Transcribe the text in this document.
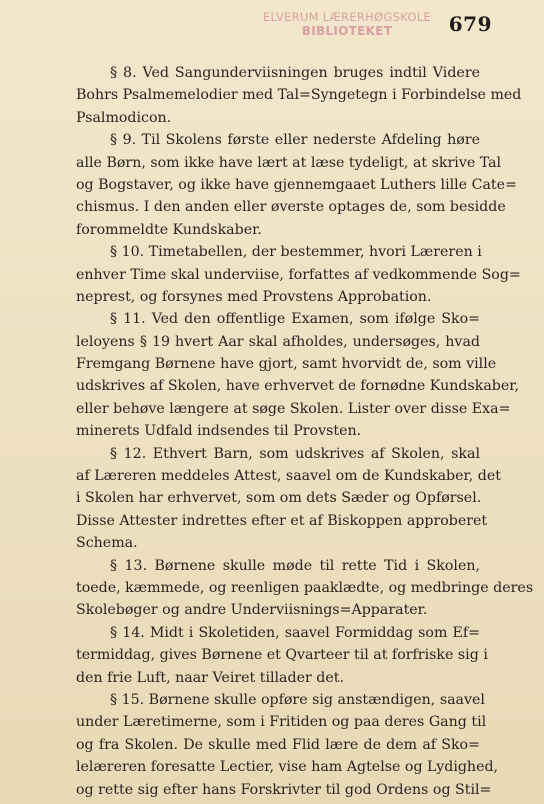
ELVERUM LÆRERHØGSKOLE
BIBLIOTEKET	679
§ 8. Ved Sangunderviisningen bruges indtil Videre
Bohrs Psalmemelodier med Tal=Syngetegn i Forbindelse med
Psalmodicon.
§ 9. Til Skolens første eller nederste Afdeling høre
alle Børn, som ikke have lært at læse tydeligt, at skrive Tal
og Bogstaver, og ikke have gjennemgaaet Luthers lille Cate=
chismus. I den anden eller øverste optages de, som besidde
forommeldte Kundskaber.
§ 10. Timetabellen, der bestemmer, hvori Læreren i
enhver Time skal underviise, forfattes af vedkommende Sog=
neprest, og forsynes med Provstens Approbation.
§ 11. Ved den offentlige Examen, som ifølge Sko=
leloyens § 19 hvert Aar skal afholdes, undersøges, hvad
Fremgang Børnene have gjort, samt hvorvidt de, som ville
udskrives af Skolen, have erhvervet de fornødne Kundskaber,
eller behøve længere at søge Skolen. Lister over disse Exa=
minerets Udfald indsendes til Provsten.
§ 12. Ethvert Barn, som udskrives af Skolen, skal
af Læreren meddeles Attest, saavel om de Kundskaber, det
i Skolen har erhvervet, som om dets Sæder og Opførsel.
Disse Attester indrettes efter et af Biskoppen approberet
Schema.
§ 13. Børnene skulle møde til rette Tid i Skolen,
toede, kæmmede, og reenligen paaklædte, og medbringe deres
Skolebøger og andre Underviisnings=Apparater.
§ 14. Midt i Skoletiden, saavel Formiddag som Ef=
termiddag, gives Børnene et Qvarteer til at forfriske sig i
den frie Luft, naar Veiret tillader det.
§ 15. Børnene skulle opføre sig anstændigen, saavel
under Læretimerne, som i Fritiden og paa deres Gang til
og fra Skolen. De skulle med Flid lære de dem af Sko=
lelæreren foresatte Lectier, vise ham Agtelse og Lydighed,
og rette sig efter hans Forskrivter til god Ordens og Stil=
